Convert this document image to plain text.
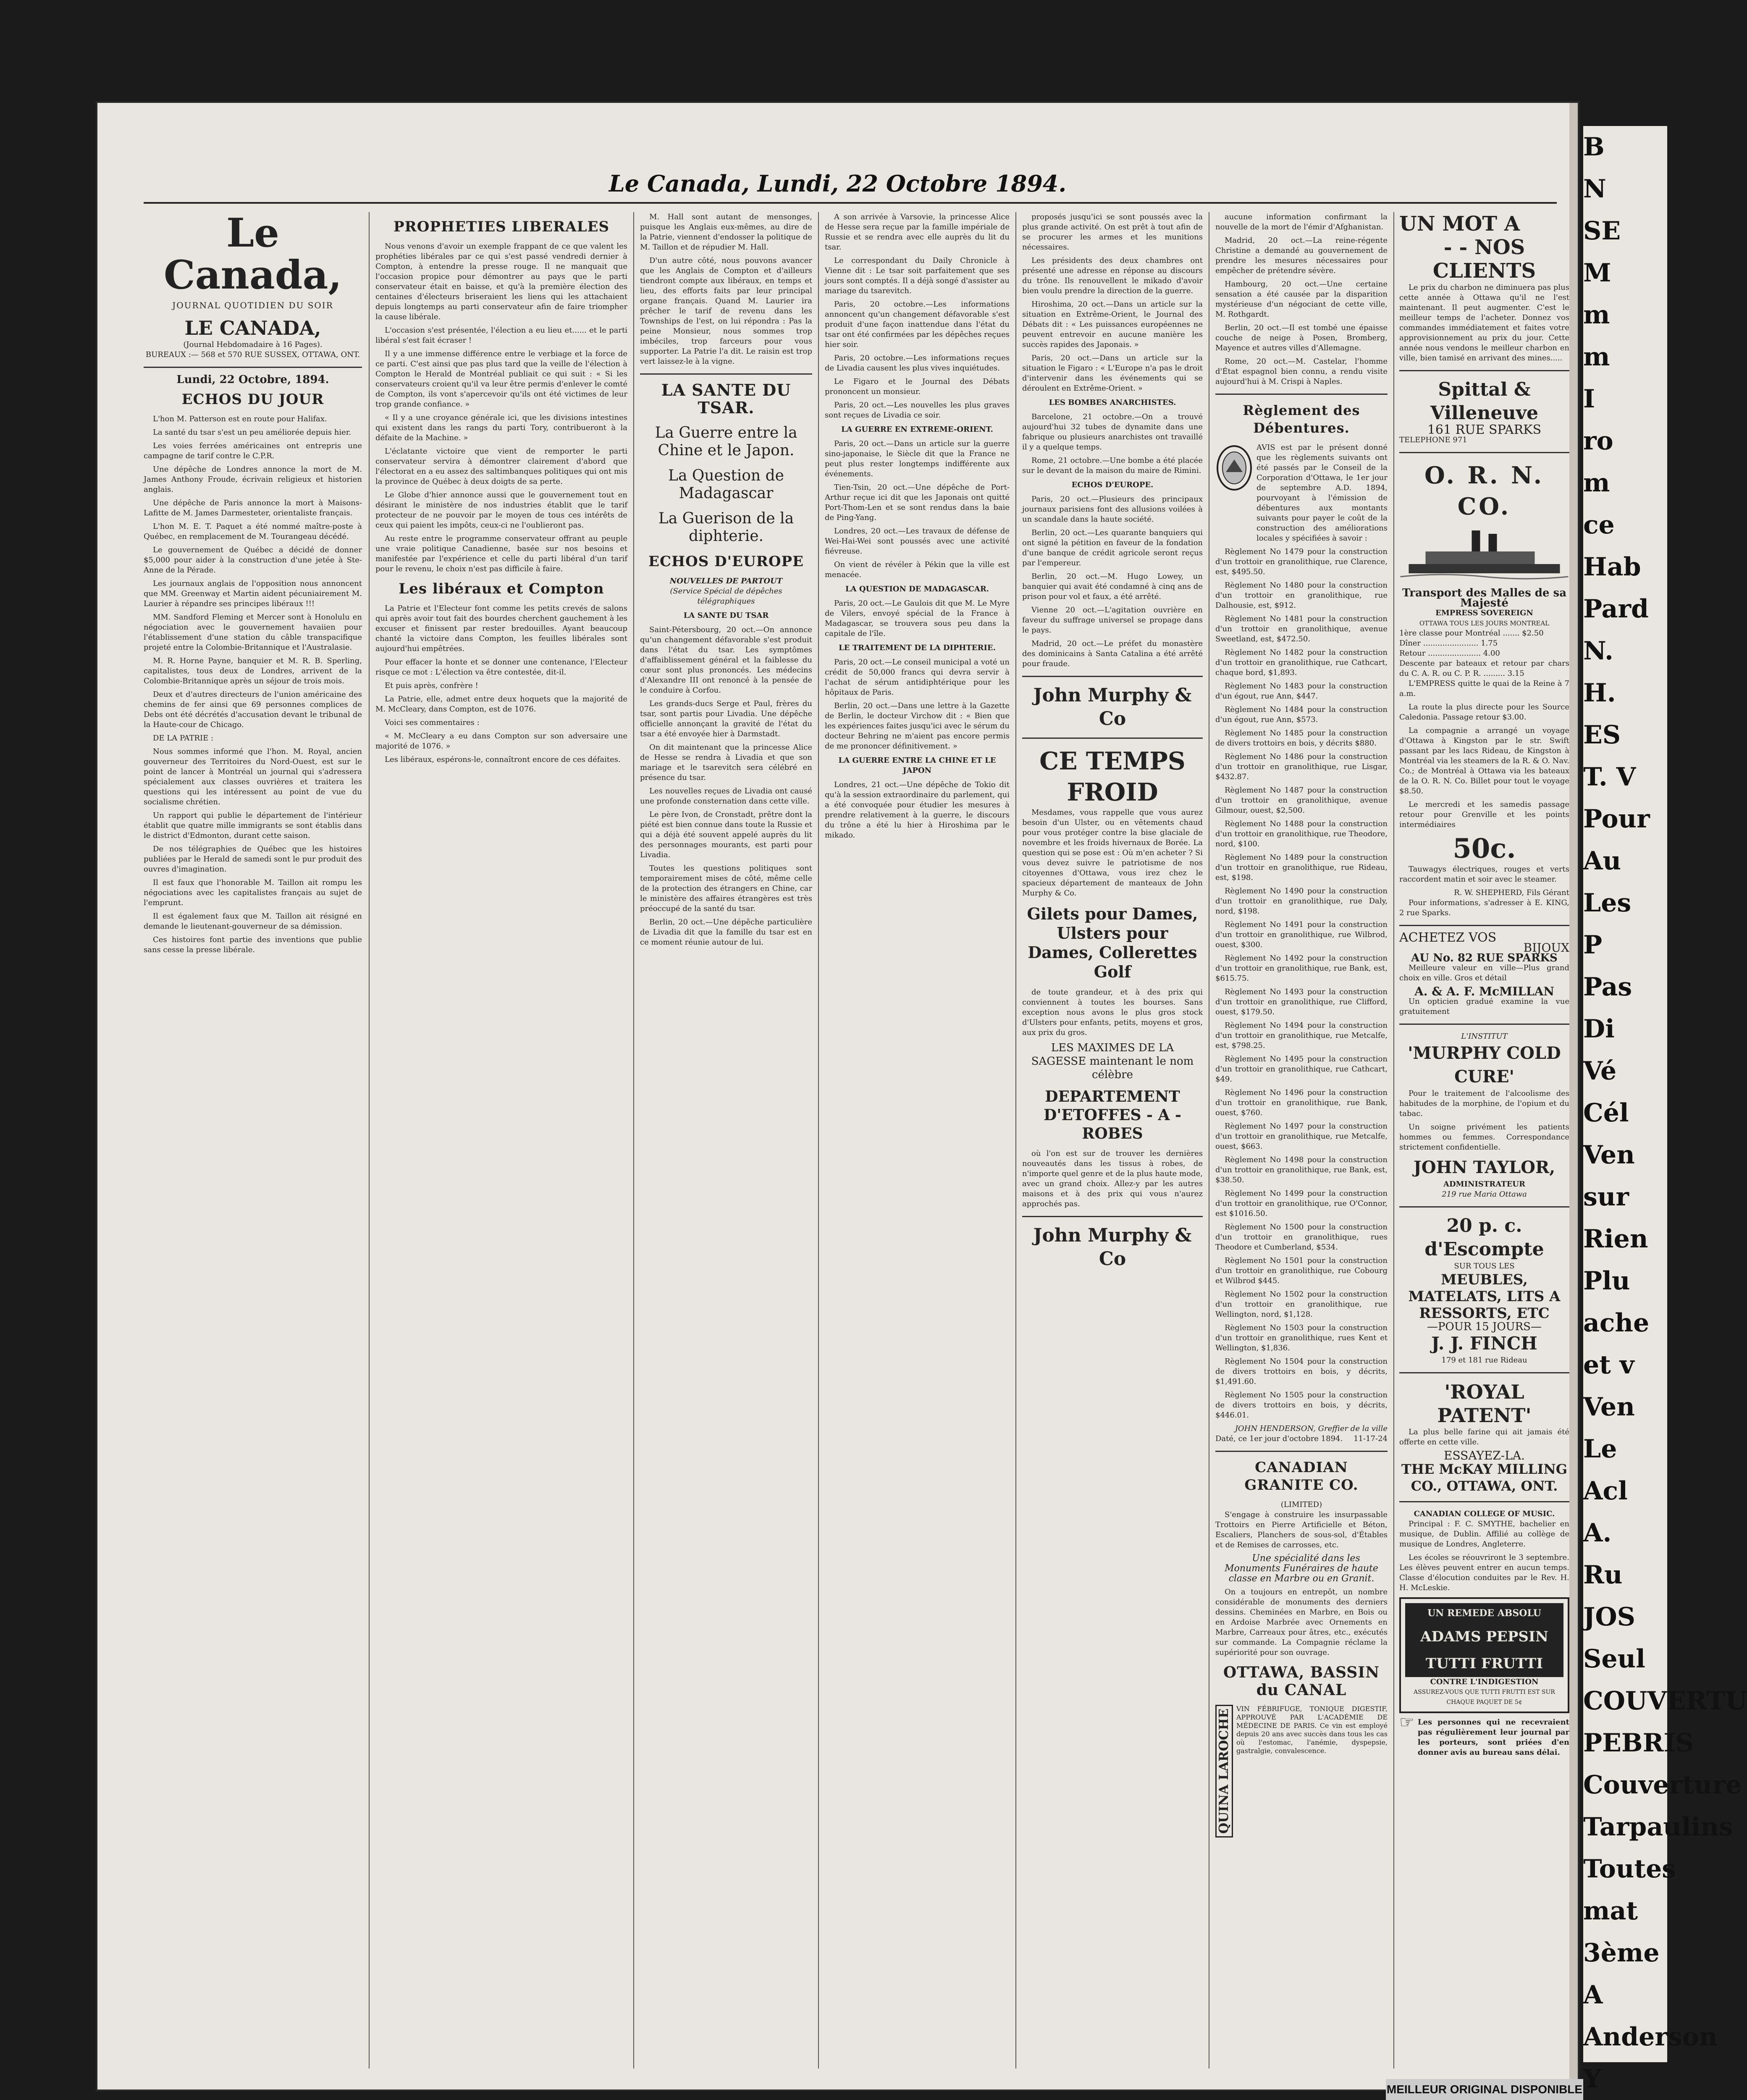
Le Canada, Lundi, 22 Octobre 1894.
Le Canada,
JOURNAL QUOTIDIEN DU SOIR
LE CANADA,
(Journal Hebdomadaire à 16 Pages).
BUREAUX :— 568 et 570 RUE SUSSEX, OTTAWA, ONT.
Lundi, 22 Octobre, 1894.
ECHOS DU JOUR

L'hon M. Patterson est en route pour Halifax.

La santé du tsar s'est un peu améliorée depuis hier.

Les voies ferrées américaines ont entrepris une campagne de tarif contre le C.P.R.

Une dépêche de Londres annonce la mort de M. James Anthony Froude, écrivain religieux et historien anglais.

Une dépêche de Paris annonce la mort à Maisons-Lafitte de M. James Darmesteter, orientaliste français.

L'hon M. E. T. Paquet a été nommé maître-poste à Québec, en remplacement de M. Tourangeau décédé.

Le gouvernement de Québec a décidé de donner $5,000 pour aider à la construction d'une jetée à Ste-Anne de la Pérade.

Les journaux anglais de l'opposition nous annoncent que MM. Greenway et Martin aident pécuniairement M. Laurier à répandre ses principes libéraux !!!

MM. Sandford Fleming et Mercer sont à Honolulu en négociation avec le gouvernement havaiien pour l'établissement d'une station du câble transpacifique projeté entre la Colombie-Britannique et l'Australasie.

M. R. Horne Payne, banquier et M. R. B. Sperling, capitalistes, tous deux de Londres, arrivent de la Colombie-Britannique après un séjour de trois mois.

Deux et d'autres directeurs de l'union américaine des chemins de fer ainsi que 69 personnes complices de Debs ont été décrétés d'accusation devant le tribunal de la Haute-cour de Chicago.

DE LA PATRIE :

Nous sommes informé que l'hon. M. Royal, ancien gouverneur des Territoires du Nord-Ouest, est sur le point de lancer à Montréal un journal qui s'adressera spécialement aux classes ouvrières et traitera les questions qui les intéressent au point de vue du socialisme chrétien.

Un rapport qui publie le département de l'intérieur établit que quatre mille immigrants se sont établis dans le district d'Edmonton, durant cette saison.

De nos télégraphies de Québec que les histoires publiées par le Herald de samedi sont le pur produit des ouvres d'imagination.

Il est faux que l'honorable M. Taillon ait rompu les négociations avec les capitalistes français au sujet de l'emprunt.

Il est également faux que M. Taillon ait résigné en demande le lieutenant-gouverneur de sa démission.

Ces histoires font partie des inventions que publie sans cesse la presse libérale.

PROPHETIES LIBERALES

Nous venons d'avoir un exemple frappant de ce que valent les prophéties libérales par ce qui s'est passé vendredi dernier à Compton, à entendre la presse rouge. Il ne manquait que l'occasion propice pour démontrer au pays que le parti conservateur était en baisse, et qu'à la première élection des centaines d'électeurs briseraient les liens qui les attachaient depuis longtemps au parti conservateur afin de faire triompher la cause libérale.

L'occasion s'est présentée, l'élection a eu lieu et...... et le parti libéral s'est fait écraser !

Il y a une immense différence entre le verbiage et la force de ce parti. C'est ainsi que pas plus tard que la veille de l'élection à Compton le Herald de Montréal publiait ce qui suit : « Si les conservateurs croient qu'il va leur être permis d'enlever le comté de Compton, ils vont s'apercevoir qu'ils ont été victimes de leur trop grande confiance. »

« Il y a une croyance générale ici, que les divisions intestines qui existent dans les rangs du parti Tory, contribueront à la défaite de la Machine. »

L'éclatante victoire que vient de remporter le parti conservateur servira à démontrer clairement d'abord que l'électorat en a eu assez des saltimbanques politiques qui ont mis la province de Québec à deux doigts de sa perte.

Le Globe d'hier annonce aussi que le gouvernement tout en désirant le ministère de nos industries établit que le tarif protecteur de ne pouvoir par le moyen de tous ces intérêts de ceux qui paient les impôts, ceux-ci ne l'oublieront pas.

Au reste entre le programme conservateur offrant au peuple une vraie politique Canadienne, basée sur nos besoins et manifestée par l'expérience et celle du parti libéral d'un tarif pour le revenu, le choix n'est pas difficile à faire.

Les libéraux et Compton

La Patrie et l'Electeur font comme les petits crevés de salons qui après avoir tout fait des bourdes cherchent gauchement à les excuser et finissent par rester bredouilles. Ayant beaucoup chanté la victoire dans Compton, les feuilles libérales sont aujourd'hui empêtrées.

Pour effacer la honte et se donner une contenance, l'Electeur risque ce mot : L'élection va être contestée, dit-il.

Et puis après, confrère !

La Patrie, elle, admet entre deux hoquets que la majorité de M. McCleary, dans Compton, est de 1076.

Voici ses commentaires :

« M. McCleary a eu dans Compton sur son adversaire une majorité de 1076. »

Les libéraux, espérons-le, connaîtront encore de ces défaites.

M. Hall sont autant de mensonges, puisque les Anglais eux-mêmes, au dire de la Patrie, viennent d'endosser la politique de M. Taillon et de répudier M. Hall.

D'un autre côté, nous pouvons avancer que les Anglais de Compton et d'ailleurs tiendront compte aux libéraux, en temps et lieu, des efforts faits par leur principal organe français. Quand M. Laurier ira prêcher le tarif de revenu dans les Townships de l'est, on lui répondra : Pas la peine Monsieur, nous sommes trop imbéciles, trop farceurs pour vous supporter. La Patrie l'a dit. Le raisin est trop vert laissez-le à la vigne.

LA SANTE DU TSAR.
La Guerre entre la Chine et le Japon.
La Question de Madagascar
La Guerison de la diphterie.
ECHOS D'EUROPE
NOUVELLES DE PARTOUT
(Service Spécial de dépêches télégraphiques
LA SANTE DU TSAR

Saint-Pétersbourg, 20 oct.—On annonce qu'un changement défavorable s'est produit dans l'état du tsar. Les symptômes d'affaiblissement général et la faiblesse du cœur sont plus prononcés. Les médecins d'Alexandre III ont renoncé à la pensée de le conduire à Corfou.

Les grands-ducs Serge et Paul, frères du tsar, sont partis pour Livadia. Une dépêche officielle annonçant la gravité de l'état du tsar a été envoyée hier à Darmstadt.

On dit maintenant que la princesse Alice de Hesse se rendra à Livadia et que son mariage et le tsarevitch sera célébré en présence du tsar.

Les nouvelles reçues de Livadia ont causé une profonde consternation dans cette ville.

Le père Ivon, de Cronstadt, prêtre dont la piété est bien connue dans toute la Russie et qui a déjà été souvent appelé auprès du lit des personnages mourants, est parti pour Livadia.

Toutes les questions politiques sont temporairement mises de côté, même celle de la protection des étrangers en Chine, car le ministère des affaires étrangères est très préoccupé de la santé du tsar.

Berlin, 20 oct.—Une dépêche particulière de Livadia dit que la famille du tsar est en ce moment réunie autour de lui.

A son arrivée à Varsovie, la princesse Alice de Hesse sera reçue par la famille impériale de Russie et se rendra avec elle auprès du lit du tsar.

Le correspondant du Daily Chronicle à Vienne dit : Le tsar soit parfaitement que ses jours sont comptés. Il a déjà songé d'assister au mariage du tsarevitch.

Paris, 20 octobre.—Les informations annoncent qu'un changement défavorable s'est produit d'une façon inattendue dans l'état du tsar ont été confirmées par les dépêches reçues hier soir.

Paris, 20 octobre.—Les informations reçues de Livadia causent les plus vives inquiétudes.

Le Figaro et le Journal des Débats prononcent un monsieur.

Paris, 20 oct.—Les nouvelles les plus graves sont reçues de Livadia ce soir.

LA GUERRE EN EXTREME-ORIENT.

Paris, 20 oct.—Dans un article sur la guerre sino-japonaise, le Siècle dit que la France ne peut plus rester longtemps indifférente aux événements.

Tien-Tsin, 20 oct.—Une dépêche de Port-Arthur reçue ici dit que les Japonais ont quitté Port-Thom-Len et se sont rendus dans la baie de Ping-Yang.

Londres, 20 oct.—Les travaux de défense de Wei-Hai-Wei sont poussés avec une activité fiévreuse.

On vient de révéler à Pékin que la ville est menacée.

LA QUESTION DE MADAGASCAR.

Paris, 20 oct.—Le Gaulois dit que M. Le Myre de Vilers, envoyé spécial de la France à Madagascar, se trouvera sous peu dans la capitale de l'île.

LE TRAITEMENT DE LA DIPHTERIE.

Paris, 20 oct.—Le conseil municipal a voté un crédit de 50,000 francs qui devra servir à l'achat de sérum antidiphtérique pour les hôpitaux de Paris.

Berlin, 20 oct.—Dans une lettre à la Gazette de Berlin, le docteur Virchow dit : « Bien que les expériences faites jusqu'ici avec le sérum du docteur Behring ne m'aient pas encore permis de me prononcer définitivement. »

LA GUERRE ENTRE LA CHINE ET LE JAPON

Londres, 21 oct.—Une dépêche de Tokio dit qu'à la session extraordinaire du parlement, qui a été convoquée pour étudier les mesures à prendre relativement à la guerre, le discours du trône a été lu hier à Hiroshima par le mikado.

proposés jusqu'ici se sont poussés avec la plus grande activité. On est prêt à tout afin de se procurer les armes et les munitions nécessaires.

Les présidents des deux chambres ont présenté une adresse en réponse au discours du trône. Ils renouvellent le mikado d'avoir bien voulu prendre la direction de la guerre.

Hiroshima, 20 oct.—Dans un article sur la situation en Extrême-Orient, le Journal des Débats dit : « Les puissances européennes ne peuvent entrevoir en aucune manière les succès rapides des Japonais. »

Paris, 20 oct.—Dans un article sur la situation le Figaro : « L'Europe n'a pas le droit d'intervenir dans les événements qui se déroulent en Extrême-Orient. »

LES BOMBES ANARCHISTES.

Barcelone, 21 octobre.—On a trouvé aujourd'hui 32 tubes de dynamite dans une fabrique ou plusieurs anarchistes ont travaillé il y a quelque temps.

Rome, 21 octobre.—Une bombe a été placée sur le devant de la maison du maire de Rimini.

ECHOS D'EUROPE.

Paris, 20 oct.—Plusieurs des principaux journaux parisiens font des allusions voilées à un scandale dans la haute société.

Berlin, 20 oct.—Les quarante banquiers qui ont signé la pétition en faveur de la fondation d'une banque de crédit agricole seront reçus par l'empereur.

Berlin, 20 oct.—M. Hugo Lowey, un banquier qui avait été condamné à cinq ans de prison pour vol et faux, a été arrêté.

Vienne 20 oct.—L'agitation ouvrière en faveur du suffrage universel se propage dans le pays.

Madrid, 20 oct.—Le préfet du monastère des dominicains à Santa Catalina a été arrêté pour fraude.

John Murphy & Co
CE TEMPS FROID

Mesdames, vous rappelle que vous aurez besoin d'un Ulster, ou en vêtements chaud pour vous protéger contre la bise glaciale de novembre et les froids hivernaux de Borée. La question qui se pose est : Où m'en acheter ? Si vous devez suivre le patriotisme de nos citoyennes d'Ottawa, vous irez chez le spacieux département de manteaux de John Murphy & Co.

Gilets pour Dames, Ulsters pour Dames, Collerettes Golf

de toute grandeur, et à des prix qui conviennent à toutes les bourses. Sans exception nous avons le plus gros stock d'Ulsters pour enfants, petits, moyens et gros, aux prix du gros.

LES MAXIMES DE LA SAGESSE maintenant le nom célèbre
DEPARTEMENT D'ETOFFES - A - ROBES

où l'on est sur de trouver les dernières nouveautés dans les tissus à robes, de n'importe quel genre et de la plus haute mode, avec un grand choix. Allez-y par les autres maisons et à des prix qui vous n'aurez approchés pas.

John Murphy & Co

aucune information confirmant la nouvelle de la mort de l'émir d'Afghanistan.

Madrid, 20 oct.—La reine-régente Christine a demandé au gouvernement de prendre les mesures nécessaires pour empêcher de prétendre sévère.

Hambourg, 20 oct.—Une certaine sensation a été causée par la disparition mystérieuse d'un négociant de cette ville, M. Rothgardt.

Berlin, 20 oct.—Il est tombé une épaisse couche de neige à Posen, Bromberg, Mayence et autres villes d'Allemagne.

Rome, 20 oct.—M. Castelar, l'homme d'État espagnol bien connu, a rendu visite aujourd'hui à M. Crispi à Naples.

Règlement des Débentures.

AVIS est par le présent donné que les règlements suivants ont été passés par le Conseil de la Corporation d'Ottawa, le 1er jour de septembre A.D. 1894, pourvoyant à l'émission de débentures aux montants suivants pour payer le coût de la construction des améliorations locales y spécifiées à savoir :

Règlement No 1479 pour la construction d'un trottoir en granolithique, rue Clarence, est, $495.50.

Règlement No 1480 pour la construction d'un trottoir en granolithique, rue Dalhousie, est, $912.

Règlement No 1481 pour la construction d'un trottoir en granolithique, avenue Sweetland, est, $472.50.

Règlement No 1482 pour la construction d'un trottoir en granolithique, rue Cathcart, chaque bord, $1,893.

Règlement No 1483 pour la construction d'un égout, rue Ann, $447.

Règlement No 1484 pour la construction d'un égout, rue Ann, $573.

Règlement No 1485 pour la construction de divers trottoirs en bois, y décrits $880.

Règlement No 1486 pour la construction d'un trottoir en granolithique, rue Lisgar, $432.87.

Règlement No 1487 pour la construction d'un trottoir en granolithique, avenue Gilmour, ouest, $2,500.

Règlement No 1488 pour la construction d'un trottoir en granolithique, rue Theodore, nord, $100.

Règlement No 1489 pour la construction d'un trottoir en granolithique, rue Rideau, est, $198.

Règlement No 1490 pour la construction d'un trottoir en granolithique, rue Daly, nord, $198.

Règlement No 1491 pour la construction d'un trottoir en granolithique, rue Wilbrod, ouest, $300.

Règlement No 1492 pour la construction d'un trottoir en granolithique, rue Bank, est, $615.75.

Règlement No 1493 pour la construction d'un trottoir en granolithique, rue Clifford, ouest, $179.50.

Règlement No 1494 pour la construction d'un trottoir en granolithique, rue Metcalfe, est, $798.25.

Règlement No 1495 pour la construction d'un trottoir en granolithique, rue Cathcart, $49.

Règlement No 1496 pour la construction d'un trottoir en granolithique, rue Bank, ouest, $760.

Règlement No 1497 pour la construction d'un trottoir en granolithique, rue Metcalfe, ouest, $663.

Règlement No 1498 pour la construction d'un trottoir en granolithique, rue Bank, est, $38.50.

Règlement No 1499 pour la construction d'un trottoir en granolithique, rue O'Connor, est $1016.50.

Règlement No 1500 pour la construction d'un trottoir en granolithique, rues Theodore et Cumberland, $534.

Règlement No 1501 pour la construction d'un trottoir en granolithique, rue Cobourg et Wilbrod $445.

Règlement No 1502 pour la construction d'un trottoir en granolithique, rue Wellington, nord, $1,128.

Règlement No 1503 pour la construction d'un trottoir en granolithique, rues Kent et Wellington, $1,836.

Règlement No 1504 pour la construction de divers trottoirs en bois, y décrits, $1,491.60.

Règlement No 1505 pour la construction de divers trottoirs en bois, y décrits, $446.01.

JOHN HENDERSON, Greffier de la ville
Daté, ce 1er jour d'octobre 1894. 11-17-24
CANADIAN GRANITE CO.
(LIMITED)

S'engage à construire les insurpassable Trottoirs en Pierre Artificielle et Béton, Escaliers, Planchers de sous-sol, d'Étables et de Remises de carrosses, etc.

Une spécialité dans les Monuments Funéraires de haute classe en Marbre ou en Granit.

On a toujours en entrepôt, un nombre considérable de monuments des derniers dessins. Cheminées en Marbre, en Bois ou en Ardoise Marbrée avec Ornements en Marbre, Carreaux pour âtres, etc., exécutés sur commande. La Compagnie réclame la supériorité pour son ouvrage.

OTTAWA, BASSIN du CANAL
QUINA LAROCHE VIN FÉBRIFUGE, TONIQUE DIGESTIF, APPROUVÉ PAR L'ACADÉMIE DE MÉDECINE DE PARIS. Ce vin est employé depuis 20 ans avec succès dans tous les cas où l'estomac, l'anémie, dyspepsie, gastralgie, convalescence.

UN MOT A
- - NOS CLIENTS

Le prix du charbon ne diminuera pas plus cette année à Ottawa qu'il ne l'est maintenant. Il peut augmenter. C'est le meilleur temps de l'acheter. Donnez vos commandes immédiatement et faites votre approvisionnement au prix du jour. Cette année nous vendons le meilleur charbon en ville, bien tamisé en arrivant des mines.....

Spittal & Villeneuve
161 RUE SPARKS
TELEPHONE 971
O. R. N. CO.
Transport des Malles de sa Majesté
EMPRESS SOVEREIGN
OTTAWA TOUS LES JOURS MONTREAL
1ère classe pour Montréal ....... $2.50
Dîner ....................... 1.75
Retour ...................... 4.00
Descente par bateaux et retour par chars du C. A. R. ou C. P. R. ......... 3.15

L'EMPRESS quitte le quai de la Reine à 7 a.m.

La route la plus directe pour les Source Caledonia. Passage retour $3.00.

La compagnie a arrangé un voyage d'Ottawa à Kingston par le str. Swift passant par les lacs Rideau, de Kingston à Montréal via les steamers de la R. & O. Nav. Co.; de Montréal à Ottawa via les bateaux de la O. R. N. Co. Billet pour tout le voyage $8.50.

Le mercredi et les samedis passage retour pour Grenville et les points intermédiaires

50c.

Tauwagys électriques, rouges et verts raccordent matin et soir avec le steamer.

R. W. SHEPHERD, Fils Gérant

Pour informations, s'adresser à E. KING, 2 rue Sparks.

ACHETEZ VOS
BIJOUX
AU No. 82 RUE SPARKS

Meilleure valeur en ville—Plus grand choix en ville. Gros et détail

A. & A. F. McMILLAN

Un opticien gradué examine la vue gratuitement

L'INSTITUT
'MURPHY COLD CURE'

Pour le traitement de l'alcoolisme des habitudes de la morphine, de l'opium et du tabac.

Un soigne privément les patients hommes ou femmes. Correspondance strictement confidentielle.

JOHN TAYLOR,
ADMINISTRATEUR
219 rue Maria Ottawa
20 p. c. d'Escompte
SUR TOUS LES
MEUBLES, MATELATS, LITS A RESSORTS, ETC
—POUR 15 JOURS—
J. J. FINCH
179 et 181 rue Rideau
'ROYAL PATENT'

La plus belle farine qui ait jamais été offerte en cette ville.

ESSAYEZ-LA.
THE McKAY MILLING CO., OTTAWA, ONT.
CANADIAN COLLEGE OF MUSIC.

Principal : F. C. SMYTHE, bachelier en musique, de Dublin. Affilié au collège de musique de Londres, Angleterre.

Les écoles se réouvriront le 3 septembre. Les élèves peuvent entrer en aucun temps. Classe d'élocution conduites par le Rev. H. H. McLeskie.

UN REMEDE ABSOLU
ADAMS PEPSIN
TUTTI FRUTTI
CONTRE L'INDIGESTION
ASSUREZ-VOUS QUE TUTTI FRUTTI EST SUR CHAQUE PAQUET DE 5¢
☞ Les personnes qui ne recevraient pas régulièrement leur journal par les porteurs, sont priées d'en donner avis au bureau sans délai.

B
N
SE
M
m
m
I
ro
m
ce
Hab
Pard
N.
H.
ES
T. V
Pour
Au
Les
P
Pas
Di
Vé
Cél
Ven
sur
Rien
Plu
ache
et v
Ven
Le
Acl
A.
Ru
JOS
Seul
COUVERTU
PEBRIS
Couverture
Tarpaulins
Toutes mat
3ème A
Anderson
Y
MEILLEUR ORIGINAL DISPONIBLE
